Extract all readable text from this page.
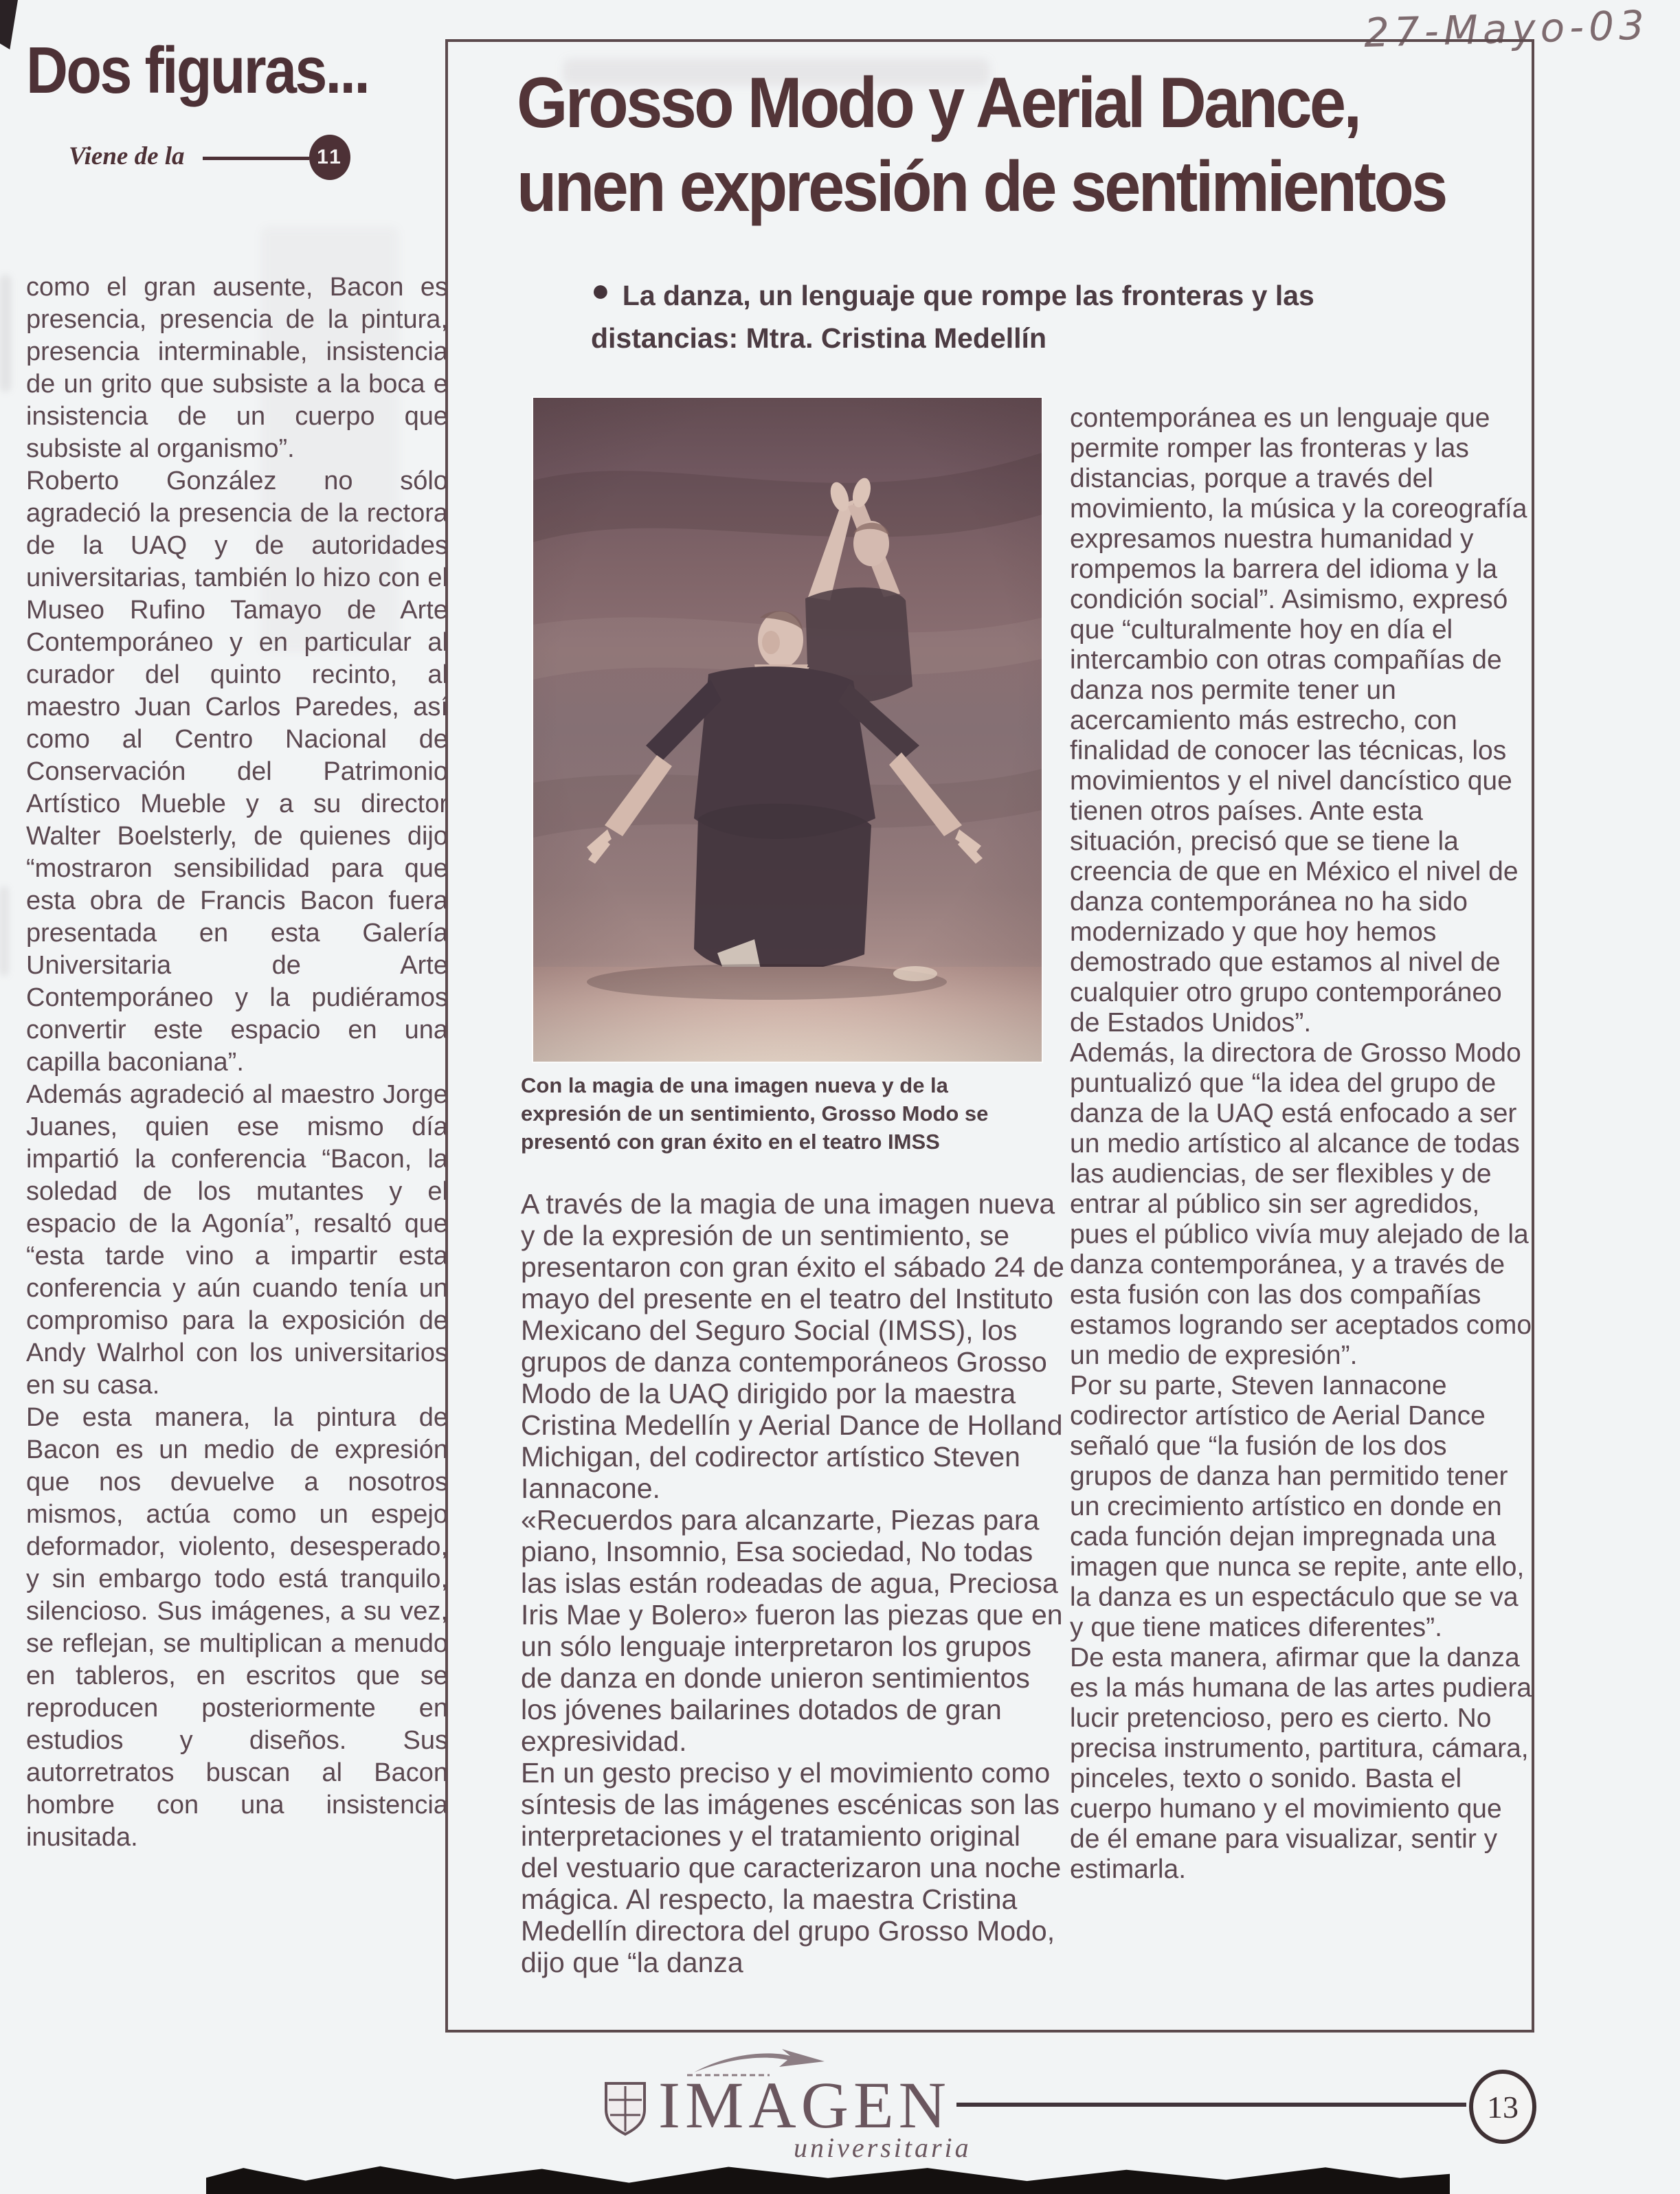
27-Mayo-03
Dos figuras...
Viene de la	11

como el gran ausente, Bacon es presencia, presencia de la pintura, presencia interminable, insistencia de un grito que subsiste a la boca e insistencia de un cuerpo que subsiste al organismo”.

Roberto González no sólo agradeció la presencia de la rectora de la UAQ y de autoridades universitarias, también lo hizo con el Museo Rufino Tamayo de Arte Contemporáneo y en particular al curador del quinto recinto, al maestro Juan Carlos Paredes, así como al Centro Nacional de Conservación del Patrimonio Artístico Mueble y a su director Walter Boelsterly, de quienes dijo “mostraron sensibilidad para que esta obra de Francis Bacon fuera presentada en esta Galería Universitaria de Arte Contemporáneo y la pudiéramos convertir este espacio en una capilla baconiana”.

Además agradeció al maestro Jorge Juanes, quien ese mismo día impartió la conferencia “Bacon, la soledad de los mutantes y el espacio de la Agonía”, resaltó que “esta tarde vino a impartir esta conferencia y aún cuando tenía un compromiso para la exposición de Andy Walrhol con los universitarios en su casa.

De esta manera, la pintura de Bacon es un medio de expresión que nos devuelve a nosotros mismos, actúa como un espejo deformador, violento, desesperado, y sin embargo todo está tranquilo, silencioso. Sus imágenes, a su vez, se reflejan, se multiplican a menudo en tableros, en escritos que se reproducen posteriormente en estudios y diseños. Sus autorretratos buscan al Bacon hombre con una insistencia inusitada.

Grosso Modo y Aerial Dance,
unen expresión de sentimientos
● La danza, un lenguaje que rompe las fronteras y las distancias: Mtra. Cristina Medellín
Con la magia de una imagen nueva y de la expresión de un sentimiento, Grosso Modo se presentó con gran éxito en el teatro IMSS

A través de la magia de una imagen nueva y de la expresión de un sentimiento, se presentaron con gran éxito el sábado 24 de mayo del presente en el teatro del Instituto Mexicano del Seguro Social (IMSS), los grupos de danza contemporáneos Grosso Modo de la UAQ dirigido por la maestra Cristina Medellín y Aerial Dance de Holland Michigan, del codirector artístico Steven Iannacone.

«Recuerdos para alcanzarte, Piezas para piano, Insomnio, Esa sociedad, No todas las islas están rodeadas de agua, Preciosa Iris Mae y Bolero» fueron las piezas que en un sólo lenguaje interpretaron los grupos de danza en donde unieron sentimientos los jóvenes bailarines dotados de gran expresividad.

En un gesto preciso y el movimiento como síntesis de las imágenes escénicas son las interpretaciones y el tratamiento original del vestuario que caracterizaron una noche mágica. Al respecto, la maestra Cristina Medellín directora del grupo Grosso Modo, dijo que “la danza

contemporánea es un lenguaje que permite romper las fronteras y las distancias, porque a través del movimiento, la música y la coreografía expresamos nuestra humanidad y rompemos la barrera del idioma y la condición social”. Asimismo, expresó que “culturalmente hoy en día el intercambio con otras compañías de danza nos permite tener un acercamiento más estrecho, con finalidad de conocer las técnicas, los movimientos y el nivel dancístico que tienen otros países. Ante esta situación, precisó que se tiene la creencia de que en México el nivel de danza contemporánea no ha sido modernizado y que hoy hemos demostrado que estamos al nivel de cualquier otro grupo contemporáneo de Estados Unidos”.

Además, la directora de Grosso Modo puntualizó que “la idea del grupo de danza de la UAQ está enfocado a ser un medio artístico al alcance de todas las audiencias, de ser flexibles y de entrar al público sin ser agredidos, pues el público vivía muy alejado de la danza contemporánea, y a través de esta fusión con las dos compañías estamos logrando ser aceptados como un medio de expresión”.

Por su parte, Steven Iannacone codirector artístico de Aerial Dance señaló que “la fusión de los dos grupos de danza han permitido tener un crecimiento artístico en donde en cada función dejan impregnada una imagen que nunca se repite, ante ello, la danza es un espectáculo que se va y que tiene matices diferentes”.

De esta manera, afirmar que la danza es la más humana de las artes pudiera lucir pretencioso, pero es cierto. No precisa instrumento, partitura, cámara, pinceles, texto o sonido. Basta el cuerpo humano y el movimiento que de él emane para visualizar, sentir y estimarla.

IMAGEN
universitaria
13
